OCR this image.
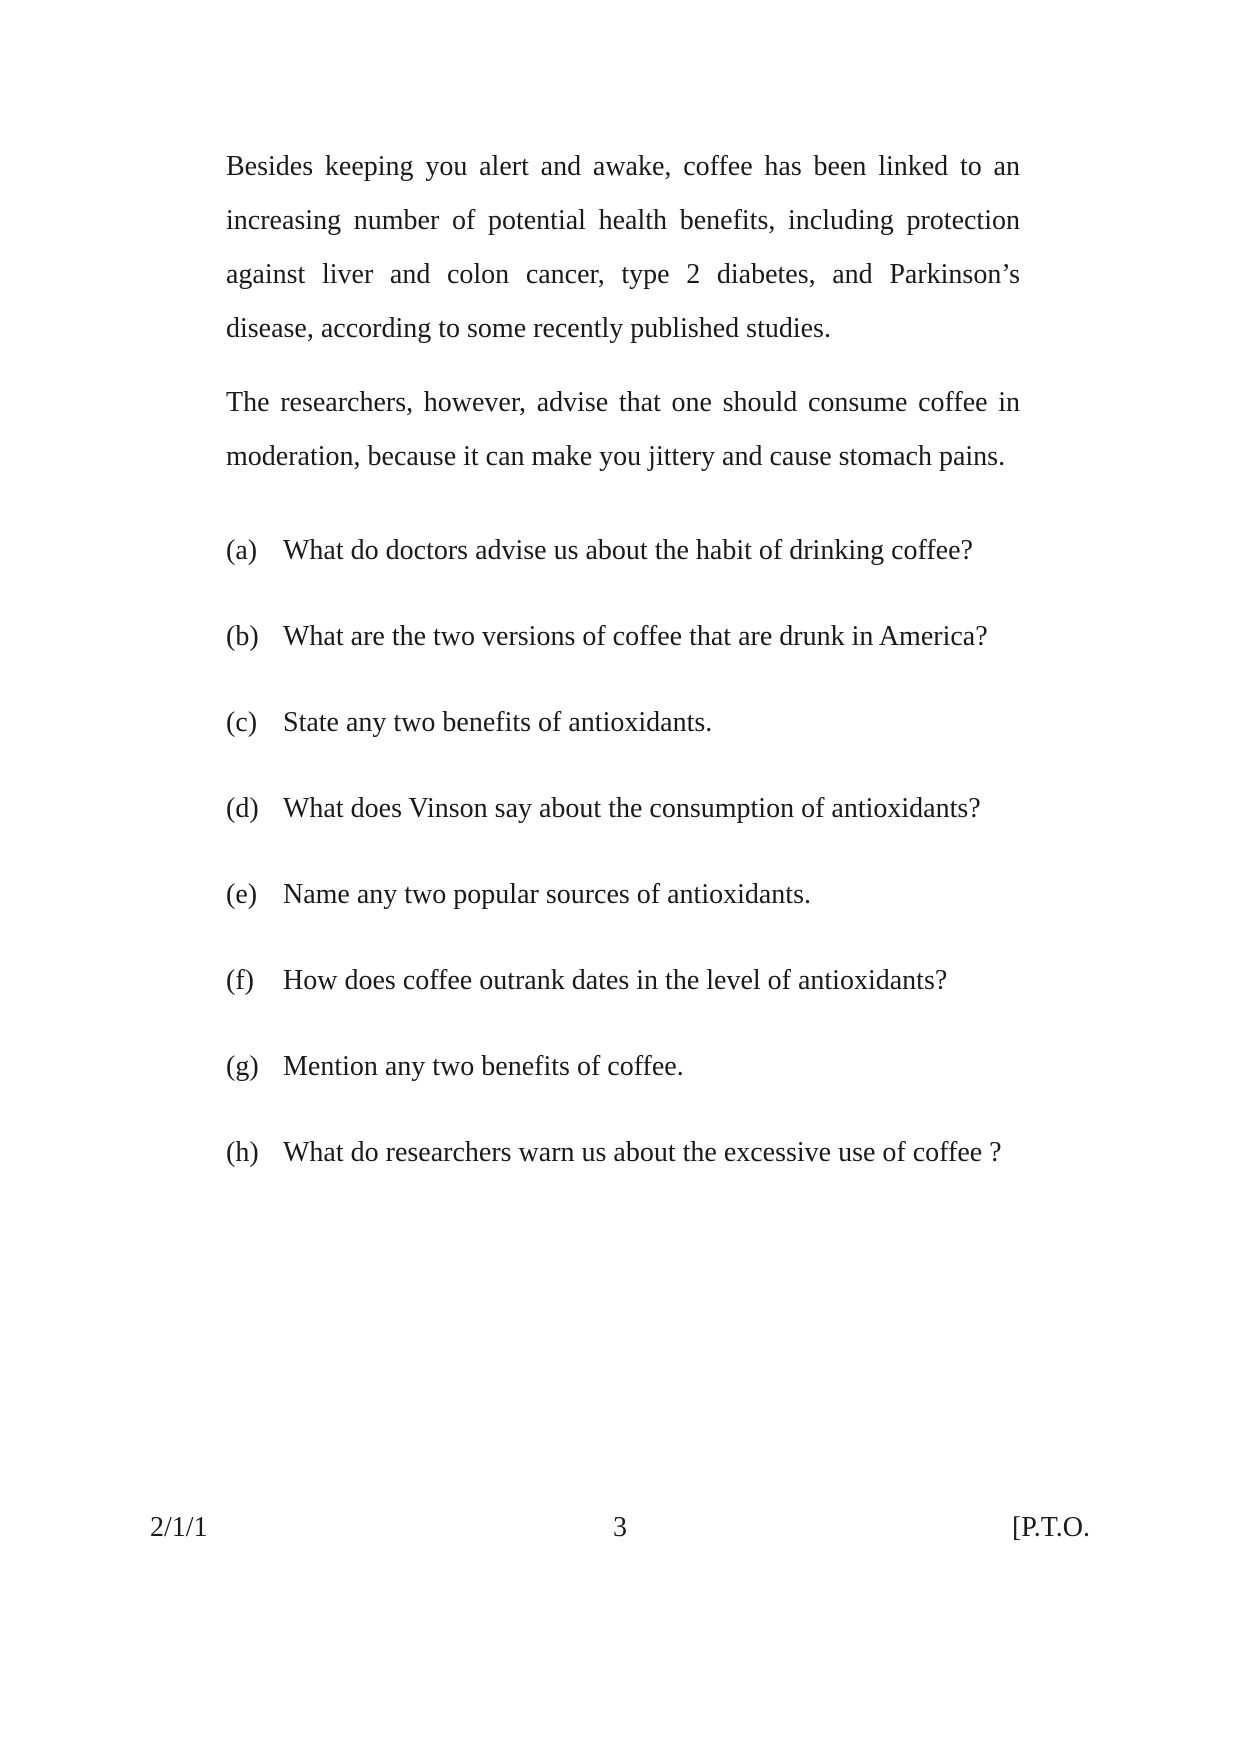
Besides keeping you alert and awake, coffee has been linked to an increasing number of potential health benefits, including protection against liver and colon cancer, type 2 diabetes, and Parkinson’s disease, according to some recently published studies.

The researchers, however, advise that one should consume coffee in moderation, because it can make you jittery and cause stomach pains.

(a) What do doctors advise us about the habit of drinking coffee?
(b) What are the two versions of coffee that are drunk in America?
(c) State any two benefits of antioxidants.
(d) What does Vinson say about the consumption of antioxidants?
(e) Name any two popular sources of antioxidants.
(f)	How does coffee outrank dates in the level of antioxidants?
(g) Mention any two benefits of coffee.
(h) What do researchers warn us about the excessive use of coffee ?
2/1/1	3	[P.T.O.
